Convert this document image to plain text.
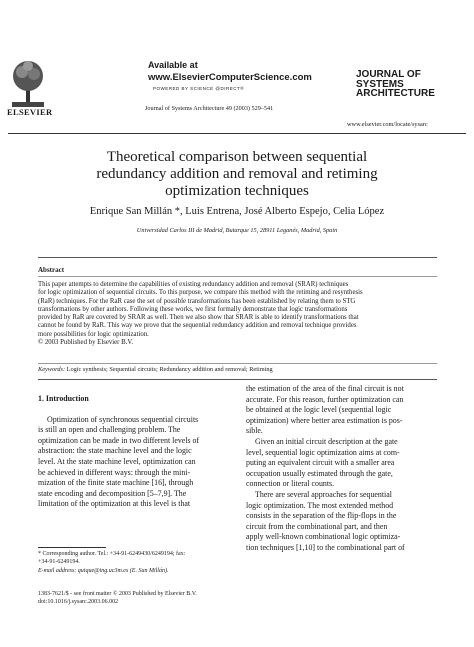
ELSEVIER
Available at
www.ElsevierComputerScience.com
POWERED BY SCIENCE @DIRECT®
Journal of Systems Architecture 49 (2003) 529–541
JOURNAL OF
SYSTEMS
ARCHITECTURE
www.elsevier.com/locate/sysarc
Theoretical comparison between sequential
redundancy addition and removal and retiming
optimization techniques
Enrique San Millán *, Luis Entrena, José Alberto Espejo, Celia López
Universidad Carlos III de Madrid, Butarque 15, 28911 Leganés, Madrid, Spain
Abstract
This paper attempts to determine the capabilities of existing redundancy addition and removal (SRAR) techniques
for logic optimization of sequential circuits. To this purpose, we compare this method with the retiming and resynthesis
(RaR) techniques. For the RaR case the set of possible transformations has been established by relating them to STG
transformations by other authors. Following these works, we first formally demonstrate that logic transformations
provided by RaR are covered by SRAR as well. Then we also show that SRAR is able to identify transformations that
cannot be found by RaR. This way we prove that the sequential redundancy addition and removal technique provides
more possibilities for logic optimization.
© 2003 Published by Elsevier B.V.
Keywords: Logic synthesis; Sequential circuits; Redundancy addition and removal; Retiming
1. Introduction
Optimization of synchronous sequential circuits
is still an open and challenging problem. The
optimization can be made in two different levels of
abstraction: the state machine level and the logic
level. At the state machine level, optimization can
be achieved in different ways: through the mini-
mization of the finite state machine [16], through
state encoding and decomposition [5–7,9]. The
limitation of the optimization at this level is that
the estimation of the area of the final circuit is not
accurate. For this reason, further optimization can
be obtained at the logic level (sequential logic
optimization) where better area estimation is pos-
sible.
Given an initial circuit description at the gate
level, sequential logic optimization aims at com-
puting an equivalent circuit with a smaller area
occupation usually estimated through the gate,
connection or literal counts.
There are several approaches for sequential
logic optimization. The most extended method
consists in the separation of the flip-flops in the
circuit from the combinational part, and then
apply well-known combinational logic optimiza-
tion techniques [1,10] to the combinational part of
* Corresponding author. Tel.: +34-91-6249430/6249194; fax:
+34-91-6249194.
E-mail address: quique@ing.uc3m.es (E. San Millán).
1383-7621/$ - see front matter © 2003 Published by Elsevier B.V.
doi:10.1016/j.sysarc.2003.06.002
